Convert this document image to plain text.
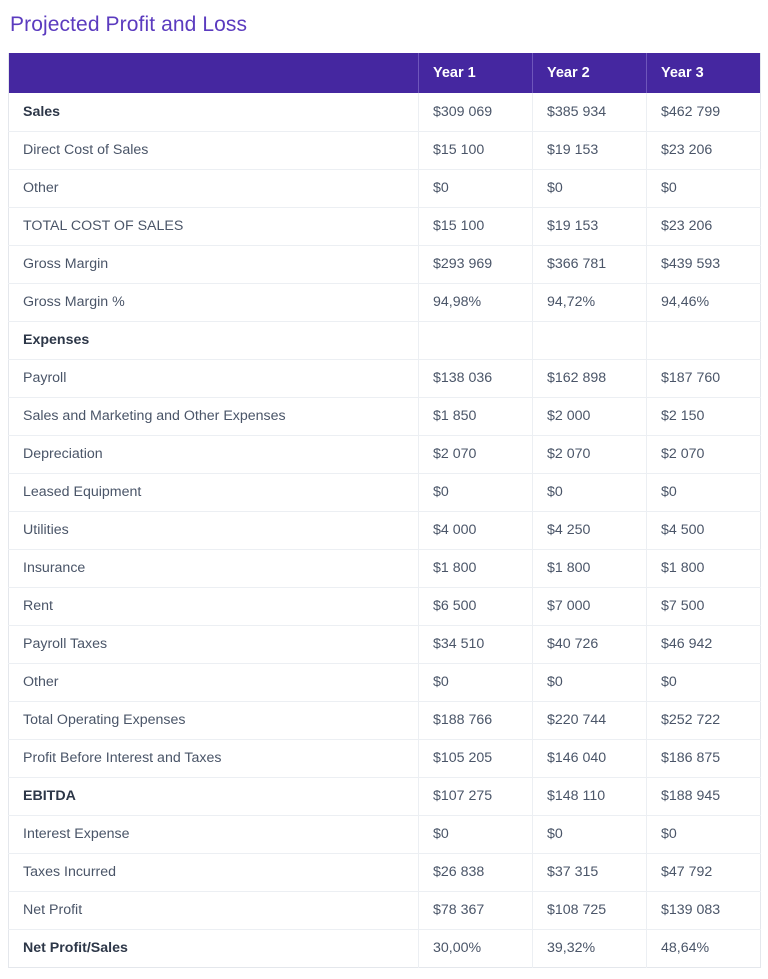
Projected Profit and Loss
	Year 1	Year 2	Year 3
Sales	$309 069	$385 934	$462 799
Direct Cost of Sales	$15 100	$19 153	$23 206
Other	$0	$0	$0
TOTAL COST OF SALES	$15 100	$19 153	$23 206
Gross Margin	$293 969	$366 781	$439 593
Gross Margin %	94,98%	94,72%	94,46%
Expenses			
Payroll	$138 036	$162 898	$187 760
Sales and Marketing and Other Expenses	$1 850	$2 000	$2 150
Depreciation	$2 070	$2 070	$2 070
Leased Equipment	$0	$0	$0
Utilities	$4 000	$4 250	$4 500
Insurance	$1 800	$1 800	$1 800
Rent	$6 500	$7 000	$7 500
Payroll Taxes	$34 510	$40 726	$46 942
Other	$0	$0	$0
Total Operating Expenses	$188 766	$220 744	$252 722
Profit Before Interest and Taxes	$105 205	$146 040	$186 875
EBITDA	$107 275	$148 110	$188 945
Interest Expense	$0	$0	$0
Taxes Incurred	$26 838	$37 315	$47 792
Net Profit	$78 367	$108 725	$139 083
Net Profit/Sales	30,00%	39,32%	48,64%
